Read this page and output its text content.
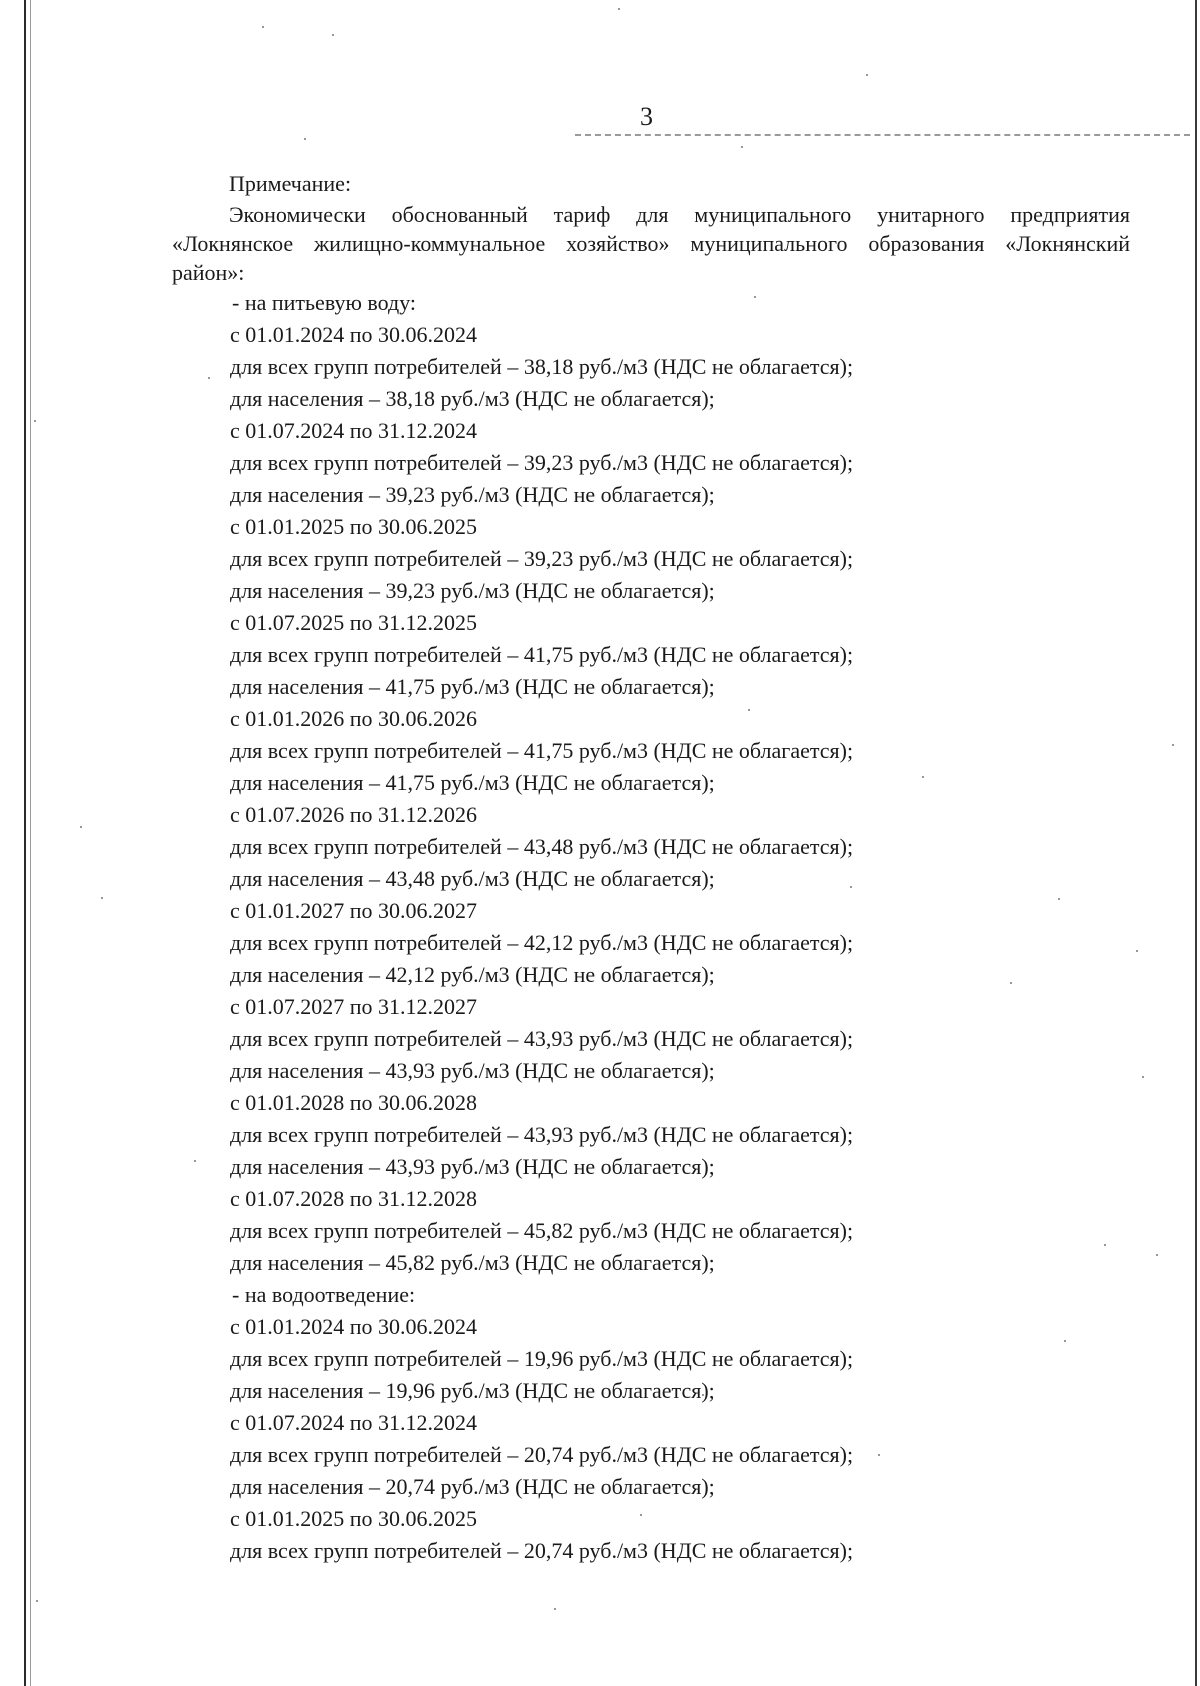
3

Примечание:

Экономически обоснованный тариф для муниципального унитарного предприятия «Локнянское жилищно-коммунальное хозяйство» муниципального образования «Локнянский район»:

- на питьевую воду:

с 01.01.2024 по 30.06.2024

для всех групп потребителей – 38,18 руб./м3 (НДС не облагается);

для населения – 38,18 руб./м3 (НДС не облагается);

с 01.07.2024 по 31.12.2024

для всех групп потребителей – 39,23 руб./м3 (НДС не облагается);

для населения – 39,23 руб./м3 (НДС не облагается);

с 01.01.2025 по 30.06.2025

для всех групп потребителей – 39,23 руб./м3 (НДС не облагается);

для населения – 39,23 руб./м3 (НДС не облагается);

с 01.07.2025 по 31.12.2025

для всех групп потребителей – 41,75 руб./м3 (НДС не облагается);

для населения – 41,75 руб./м3 (НДС не облагается);

с 01.01.2026 по 30.06.2026

для всех групп потребителей – 41,75 руб./м3 (НДС не облагается);

для населения – 41,75 руб./м3 (НДС не облагается);

с 01.07.2026 по 31.12.2026

для всех групп потребителей – 43,48 руб./м3 (НДС не облагается);

для населения – 43,48 руб./м3 (НДС не облагается);

с 01.01.2027 по 30.06.2027

для всех групп потребителей – 42,12 руб./м3 (НДС не облагается);

для населения – 42,12 руб./м3 (НДС не облагается);

с 01.07.2027 по 31.12.2027

для всех групп потребителей – 43,93 руб./м3 (НДС не облагается);

для населения – 43,93 руб./м3 (НДС не облагается);

с 01.01.2028 по 30.06.2028

для всех групп потребителей – 43,93 руб./м3 (НДС не облагается);

для населения – 43,93 руб./м3 (НДС не облагается);

с 01.07.2028 по 31.12.2028

для всех групп потребителей – 45,82 руб./м3 (НДС не облагается);

для населения – 45,82 руб./м3 (НДС не облагается);

- на водоотведение:

с 01.01.2024 по 30.06.2024

для всех групп потребителей – 19,96 руб./м3 (НДС не облагается);

для населения – 19,96 руб./м3 (НДС не облагается);

с 01.07.2024 по 31.12.2024

для всех групп потребителей – 20,74 руб./м3 (НДС не облагается);

для населения – 20,74 руб./м3 (НДС не облагается);

с 01.01.2025 по 30.06.2025

для всех групп потребителей – 20,74 руб./м3 (НДС не облагается);
